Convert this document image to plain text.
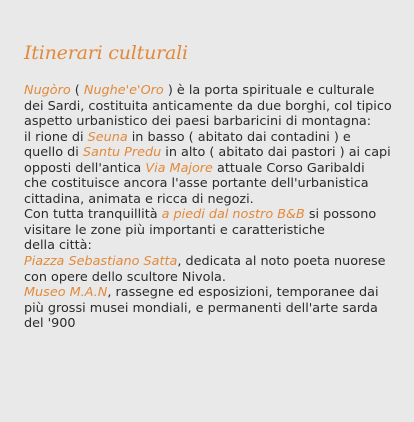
Itinerari culturali
Nugòro ( Nughe'e'Oro ) è la porta spirituale e culturale
dei Sardi, costituita anticamente da due borghi, col tipico
aspetto urbanistico dei paesi barbaricini di montagna:
il rione di Seuna in basso ( abitato dai contadini ) e
quello di Santu Predu in alto ( abitato dai pastori ) ai capi
opposti dell'antica Via Majore attuale Corso Garibaldi
che costituisce ancora l'asse portante dell'urbanistica
cittadina, animata e ricca di negozi.
Con tutta tranquillità a piedi dal nostro B&B si possono
visitare le zone più importanti e caratteristiche
della città:
Piazza Sebastiano Satta, dedicata al noto poeta nuorese
con opere dello scultore Nivola.
Museo M.A.N, rassegne ed esposizioni, temporanee dai
più grossi musei mondiali, e permanenti dell'arte sarda
del '900
